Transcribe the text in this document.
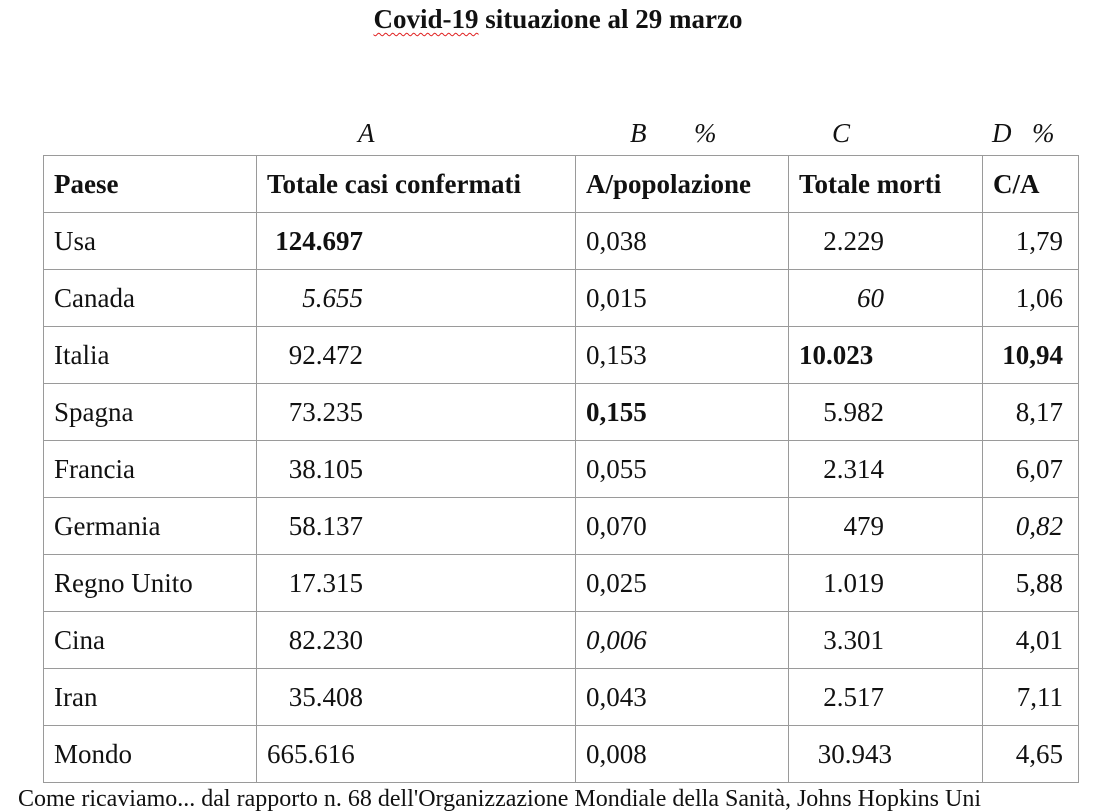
Covid-19 situazione al 29 marzo
A	B %	C	D %
Paese	Totale casi confermati	A/popolazione	Totale morti	C/A
Usa	124.697	0,038	2.229	1,79
Canada	5.655	0,015	60	1,06
Italia	92.472	0,153	10.023	10,94
Spagna	73.235	0,155	5.982	8,17
Francia	38.105	0,055	2.314	6,07
Germania	58.137	0,070	479	0,82
Regno Unito	17.315	0,025	1.019	5,88
Cina	82.230	0,006	3.301	4,01
Iran	35.408	0,043	2.517	7,11
Mondo	665.616	0,008	30.943	4,65
Come ricaviamo... dal rapporto n. 68 dell'Organizzazione Mondiale della Sanità, Johns Hopkins Uni
